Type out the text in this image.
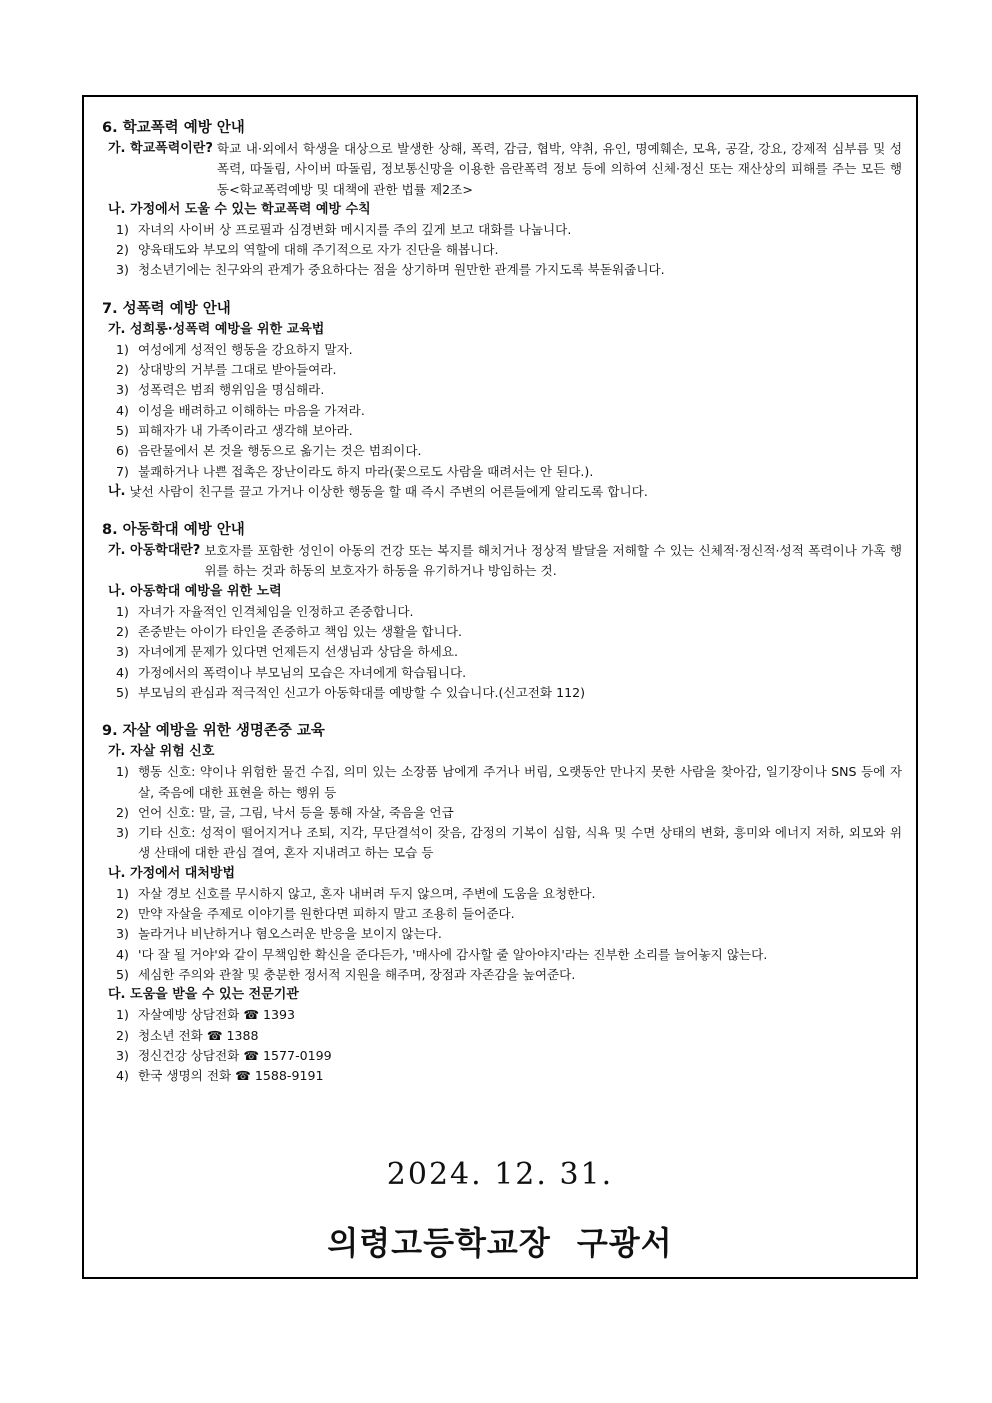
6. 학교폭력 예방 안내

가. 학교폭력이란? 학교 내·외에서 학생을 대상으로 발생한 상해, 폭력, 감금, 협박, 약취, 유인, 명예훼손, 모욕, 공갈, 강요, 강제적 심부름 및 성폭력, 따돌림, 사이버 따돌림, 정보통신망을 이용한 음란폭력 정보 등에 의하여 신체·정신 또는 재산상의 피해를 주는 모든 행동<학교폭력예방 및 대책에 관한 법률 제2조>

나. 가정에서 도울 수 있는 학교폭력 예방 수칙

1) 자녀의 사이버 상 프로필과 심경변화 메시지를 주의 깊게 보고 대화를 나눕니다.
2) 양육태도와 부모의 역할에 대해 주기적으로 자가 진단을 해봅니다.
3) 청소년기에는 친구와의 관계가 중요하다는 점을 상기하며 원만한 관계를 가지도록 북돋워줍니다.

7. 성폭력 예방 안내

가. 성희롱·성폭력 예방을 위한 교육법

1) 여성에게 성적인 행동을 강요하지 말자.
2) 상대방의 거부를 그대로 받아들여라.
3) 성폭력은 범죄 행위임을 명심해라.
4) 이성을 배려하고 이해하는 마음을 가져라.
5) 피해자가 내 가족이라고 생각해 보아라.
6) 음란물에서 본 것을 행동으로 옮기는 것은 범죄이다.
7) 불쾌하거나 나쁜 접촉은 장난이라도 하지 마라(꽃으로도 사람을 때려서는 안 된다.).
나. 낯선 사람이 친구를 끌고 가거나 이상한 행동을 할 때 즉시 주변의 어른들에게 알리도록 합니다.

8. 아동학대 예방 안내

가. 아동학대란? 보호자를 포함한 성인이 아동의 건강 또는 복지를 해치거나 정상적 발달을 저해할 수 있는 신체적·정신적·성적 폭력이나 가혹 행위를 하는 것과 하동의 보호자가 하동을 유기하거나 방임하는 것.

나. 아동학대 예방을 위한 노력

1) 자녀가 자율적인 인격체임을 인정하고 존중합니다.
2) 존중받는 아이가 타인을 존중하고 책임 있는 생활을 합니다.
3) 자녀에게 문제가 있다면 언제든지 선생님과 상담을 하세요.
4) 가정에서의 폭력이나 부모님의 모습은 자녀에게 학습됩니다.
5) 부모님의 관심과 적극적인 신고가 아동학대를 예방할 수 있습니다.(신고전화 112)

9. 자살 예방을 위한 생명존중 교육

가. 자살 위험 신호

1) 행동 신호: 약이나 위험한 물건 수집, 의미 있는 소장품 남에게 주거나 버림, 오랫동안 만나지 못한 사람을 찾아감, 일기장이나 SNS 등에 자살, 죽음에 대한 표현을 하는 행위 등
2) 언어 신호: 말, 글, 그림, 낙서 등을 통해 자살, 죽음을 언급
3) 기타 신호: 성적이 떨어지거나 조퇴, 지각, 무단결석이 잦음, 감정의 기복이 심함, 식욕 및 수면 상태의 변화, 흥미와 에너지 저하, 외모와 위생 산태에 대한 관심 결여, 혼자 지내려고 하는 모습 등

나. 가정에서 대처방법

1) 자살 경보 신호를 무시하지 않고, 혼자 내버려 두지 않으며, 주변에 도움을 요청한다.
2) 만약 자살을 주제로 이야기를 원한다면 피하지 말고 조용히 들어준다.
3) 놀라거나 비난하거나 혐오스러운 반응을 보이지 않는다.
4) '다 잘 될 거야'와 같이 무책임한 확신을 준다든가, '매사에 감사할 줄 알아야지'라는 진부한 소리를 늘어놓지 않는다.
5) 세심한 주의와 관찰 및 충분한 정서적 지원을 해주며, 장점과 자존감을 높여준다.

다. 도움을 받을 수 있는 전문기관

1) 자살예방 상담전화 ☎ 1393
2) 청소년 전화 ☎ 1388
3) 정신건강 상담전화 ☎ 1577-0199
4) 한국 생명의 전화 ☎ 1588-9191
2024. 12. 31.
의령고등학교장 구광서
